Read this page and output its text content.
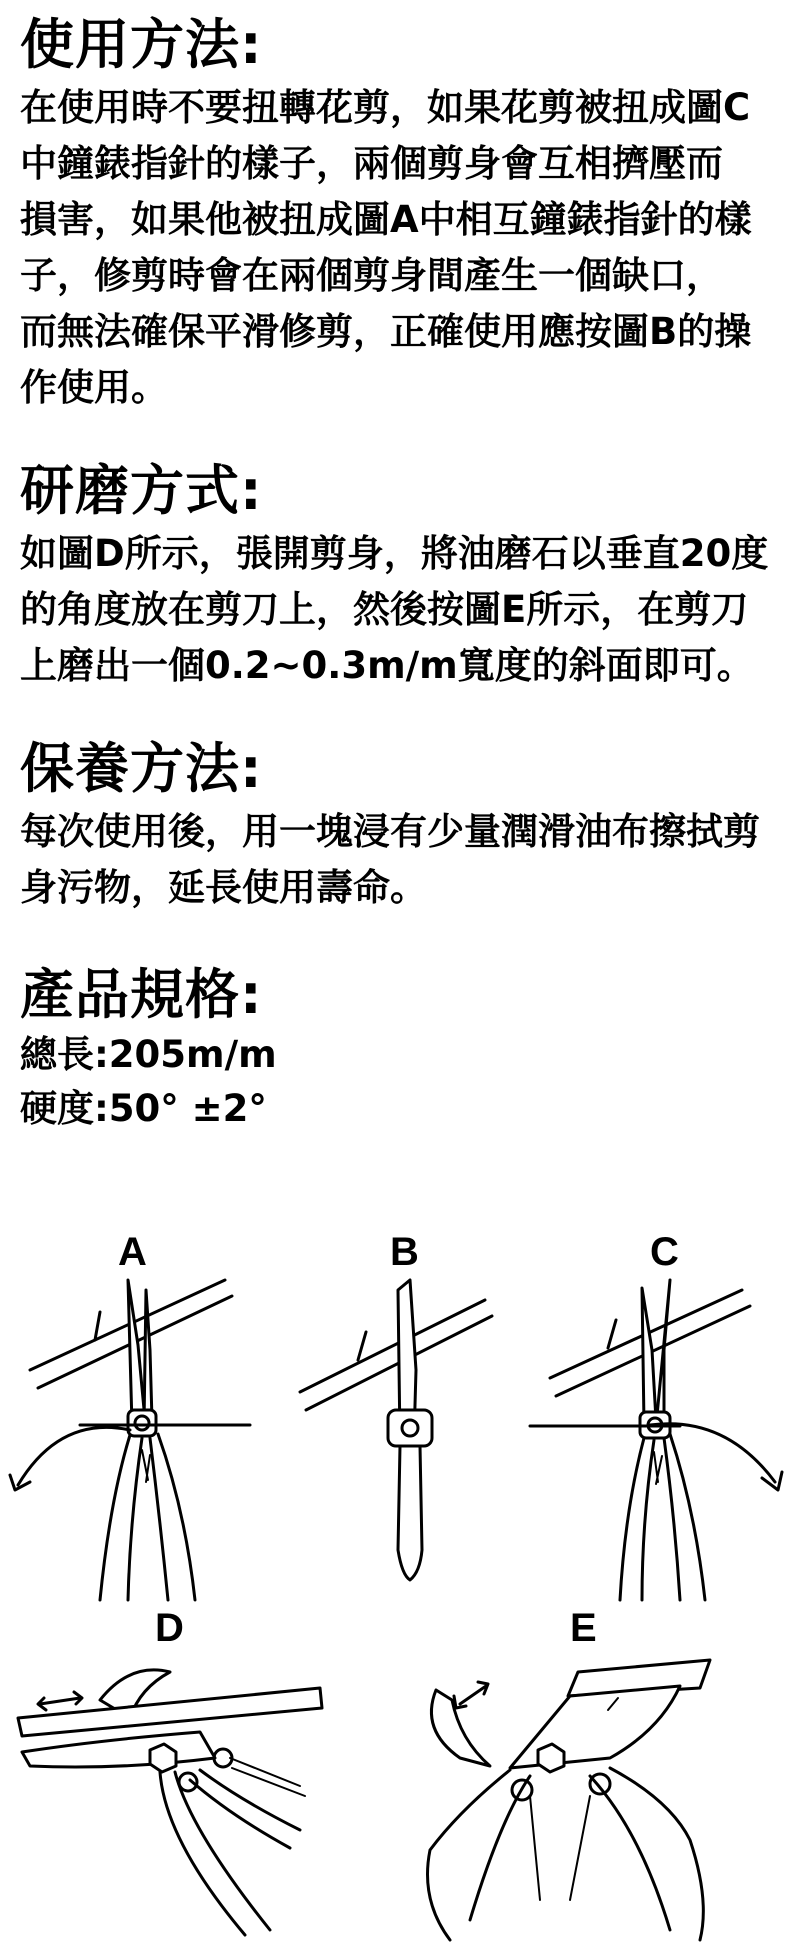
使用方法:
在使用時不要扭轉花剪，如果花剪被扭成圖C
中鐘錶指針的樣子，兩個剪身會互相擠壓而
損害，如果他被扭成圖A中相互鐘錶指針的樣
子，修剪時會在兩個剪身間產生一個缺口，
而無法確保平滑修剪，正確使用應按圖B的操
作使用。
研磨方式:
如圖D所示，張開剪身，將油磨石以垂直20度
的角度放在剪刀上，然後按圖E所示，在剪刀
上磨出一個0.2~0.3m/m寬度的斜面即可。
保養方法:
每次使用後，用一塊浸有少量潤滑油布擦拭剪
身污物，延長使用壽命。
產品規格:
總長:205m/m
硬度:50° ±2°
A	B	C
D	E
